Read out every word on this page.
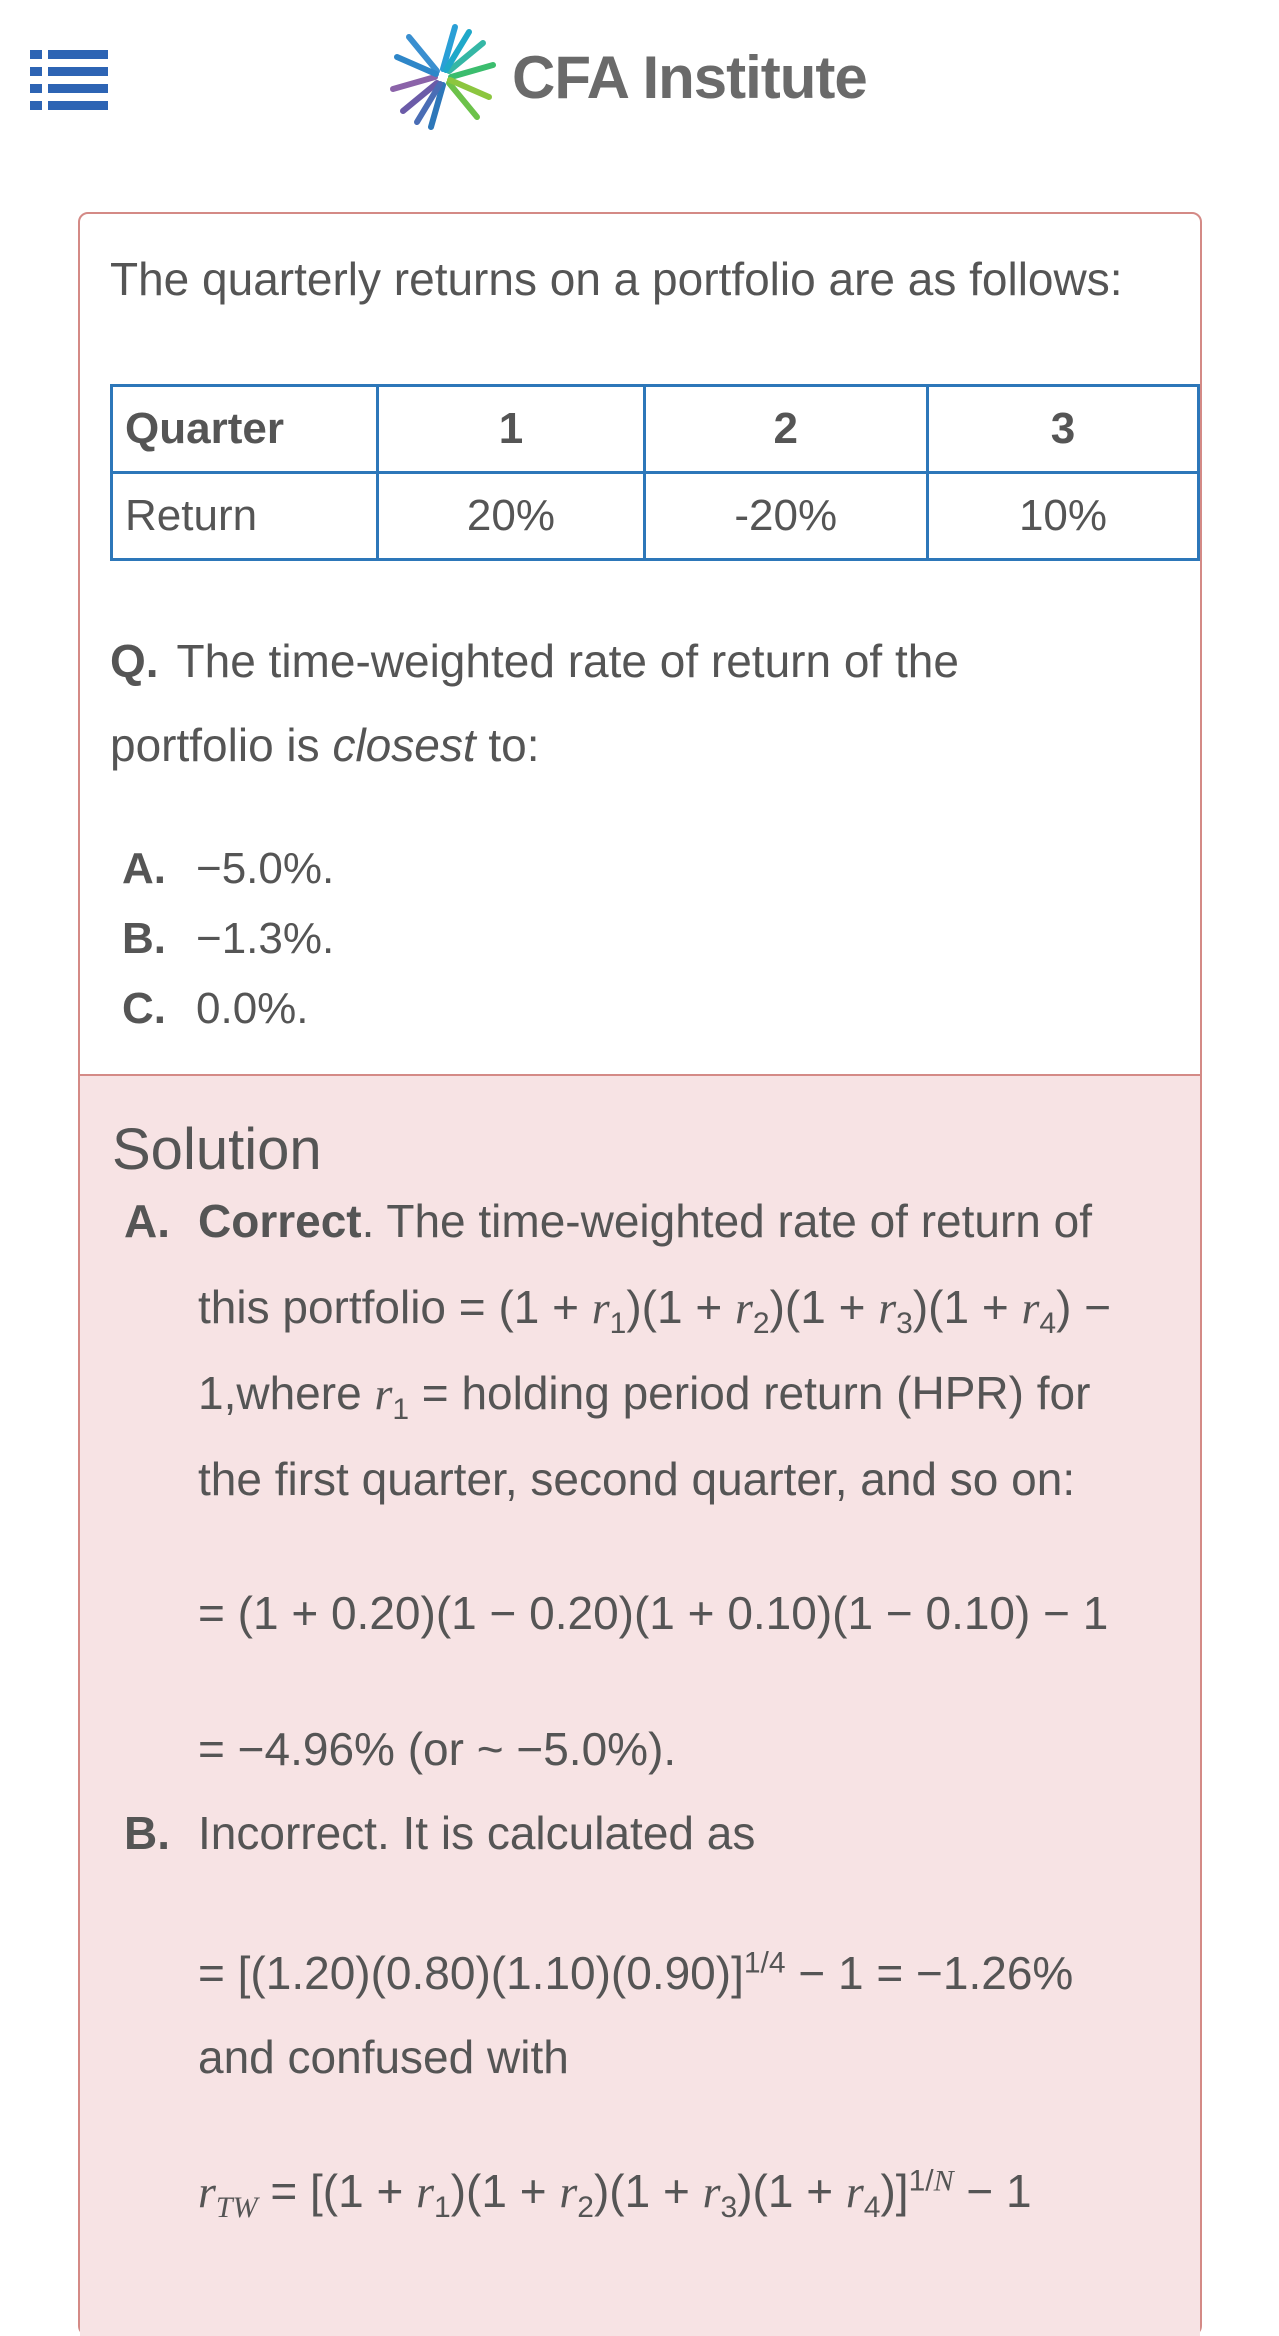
CFA Institute
The quarterly returns on a portfolio are as follows:
Quarter	1	2	3
Return	20%	-20%	10%
Q. The time-weighted rate of return of the portfolio is closest to:
A. −5.0%.
B. −1.3%.
C. 0.0%.
Solution
A. Correct. The time-weighted rate of return of
this portfolio = $(1 + r_1)(1 + r_2)(1 + r_3)(1 + r_4)$ −
1,where $r_1$ = holding period return (HPR) for
the first quarter, second quarter, and so on:
= (1 + 0.20)(1 − 0.20)(1 + 0.10)(1 − 0.10) − 1
= −4.96% (or ~ −5.0%).
B. Incorrect. It is calculated as
= $[(1.20)(0.80)(1.10)(0.90)]^{1/4} - 1 = -1.26\%$
and confused with
$r_{TW} = [(1 + r_1)(1 + r_2)(1 + r_3)(1 + r_4)]^{1/N} - 1$
